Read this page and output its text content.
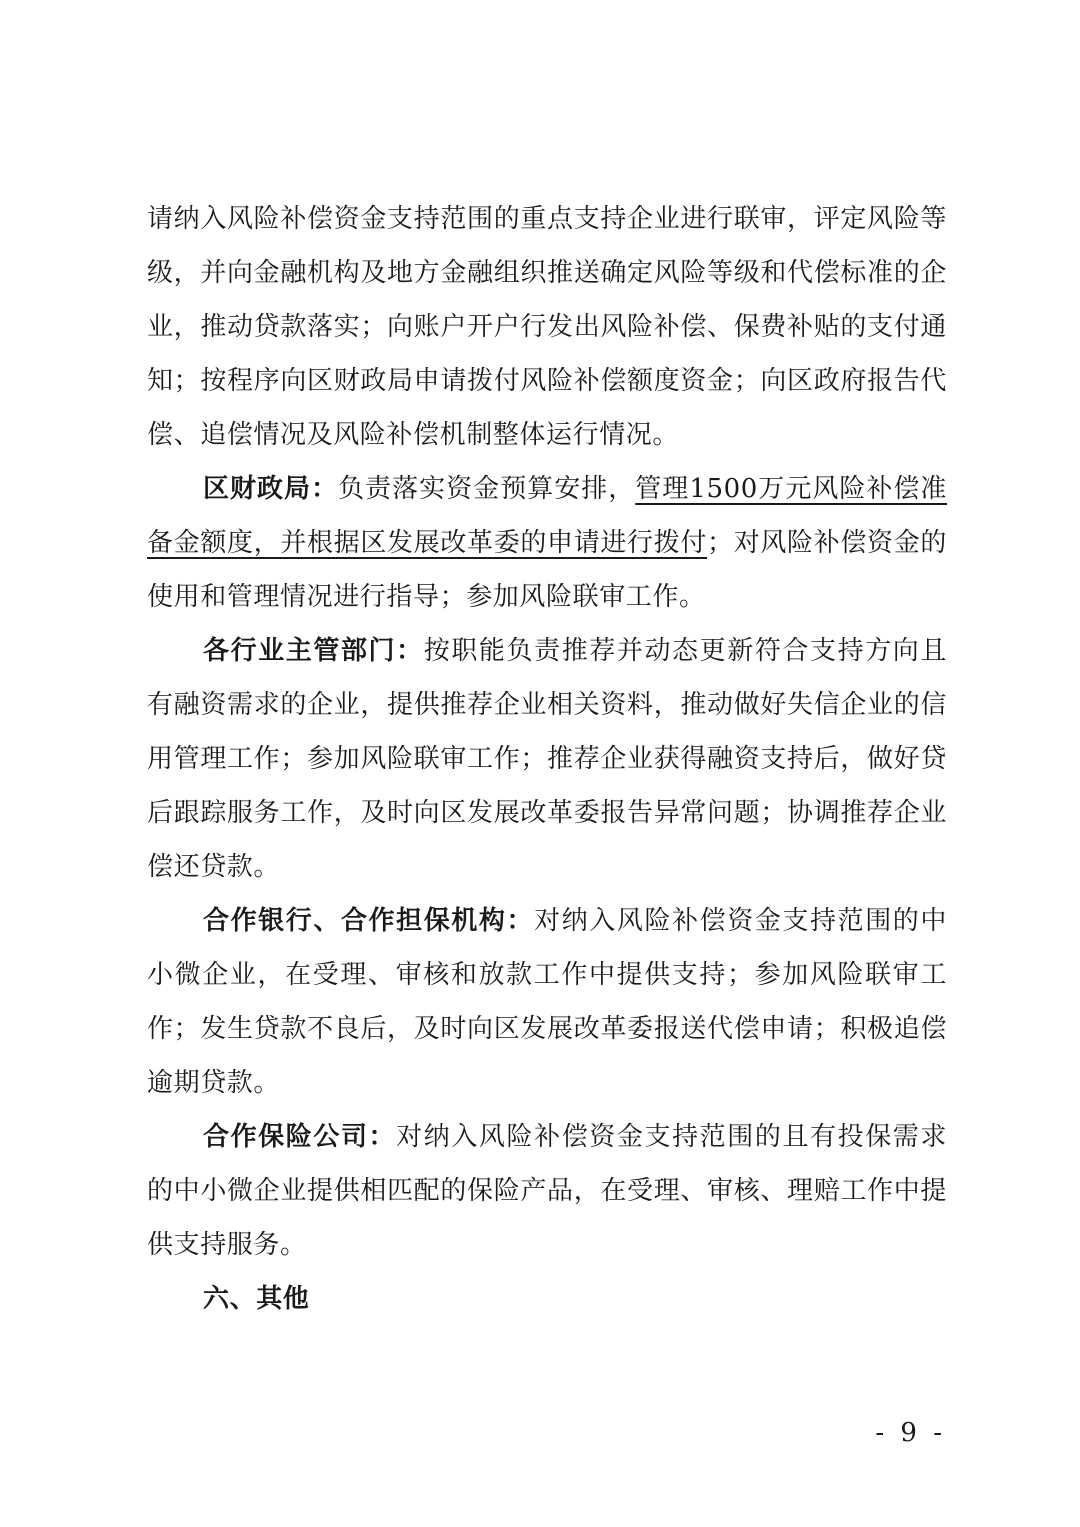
请纳入风险补偿资金支持范围的重点支持企业进行联审，评定风险等级，并向金融机构及地方金融组织推送确定风险等级和代偿标准的企业，推动贷款落实；向账户开户行发出风险补偿、保费补贴的支付通知；按程序向区财政局申请拨付风险补偿额度资金；向区政府报告代偿、追偿情况及风险补偿机制整体运行情况。

区财政局：负责落实资金预算安排，管理1500万元风险补偿准备金额度，并根据区发展改革委的申请进行拨付；对风险补偿资金的使用和管理情况进行指导；参加风险联审工作。

各行业主管部门：按职能负责推荐并动态更新符合支持方向且有融资需求的企业，提供推荐企业相关资料，推动做好失信企业的信用管理工作；参加风险联审工作；推荐企业获得融资支持后，做好贷后跟踪服务工作，及时向区发展改革委报告异常问题；协调推荐企业偿还贷款。

合作银行、合作担保机构：对纳入风险补偿资金支持范围的中小微企业，在受理、审核和放款工作中提供支持；参加风险联审工作；发生贷款不良后，及时向区发展改革委报送代偿申请；积极追偿逾期贷款。

合作保险公司：对纳入风险补偿资金支持范围的且有投保需求的中小微企业提供相匹配的保险产品，在受理、审核、理赔工作中提供支持服务。

六、其他

- 9 -
